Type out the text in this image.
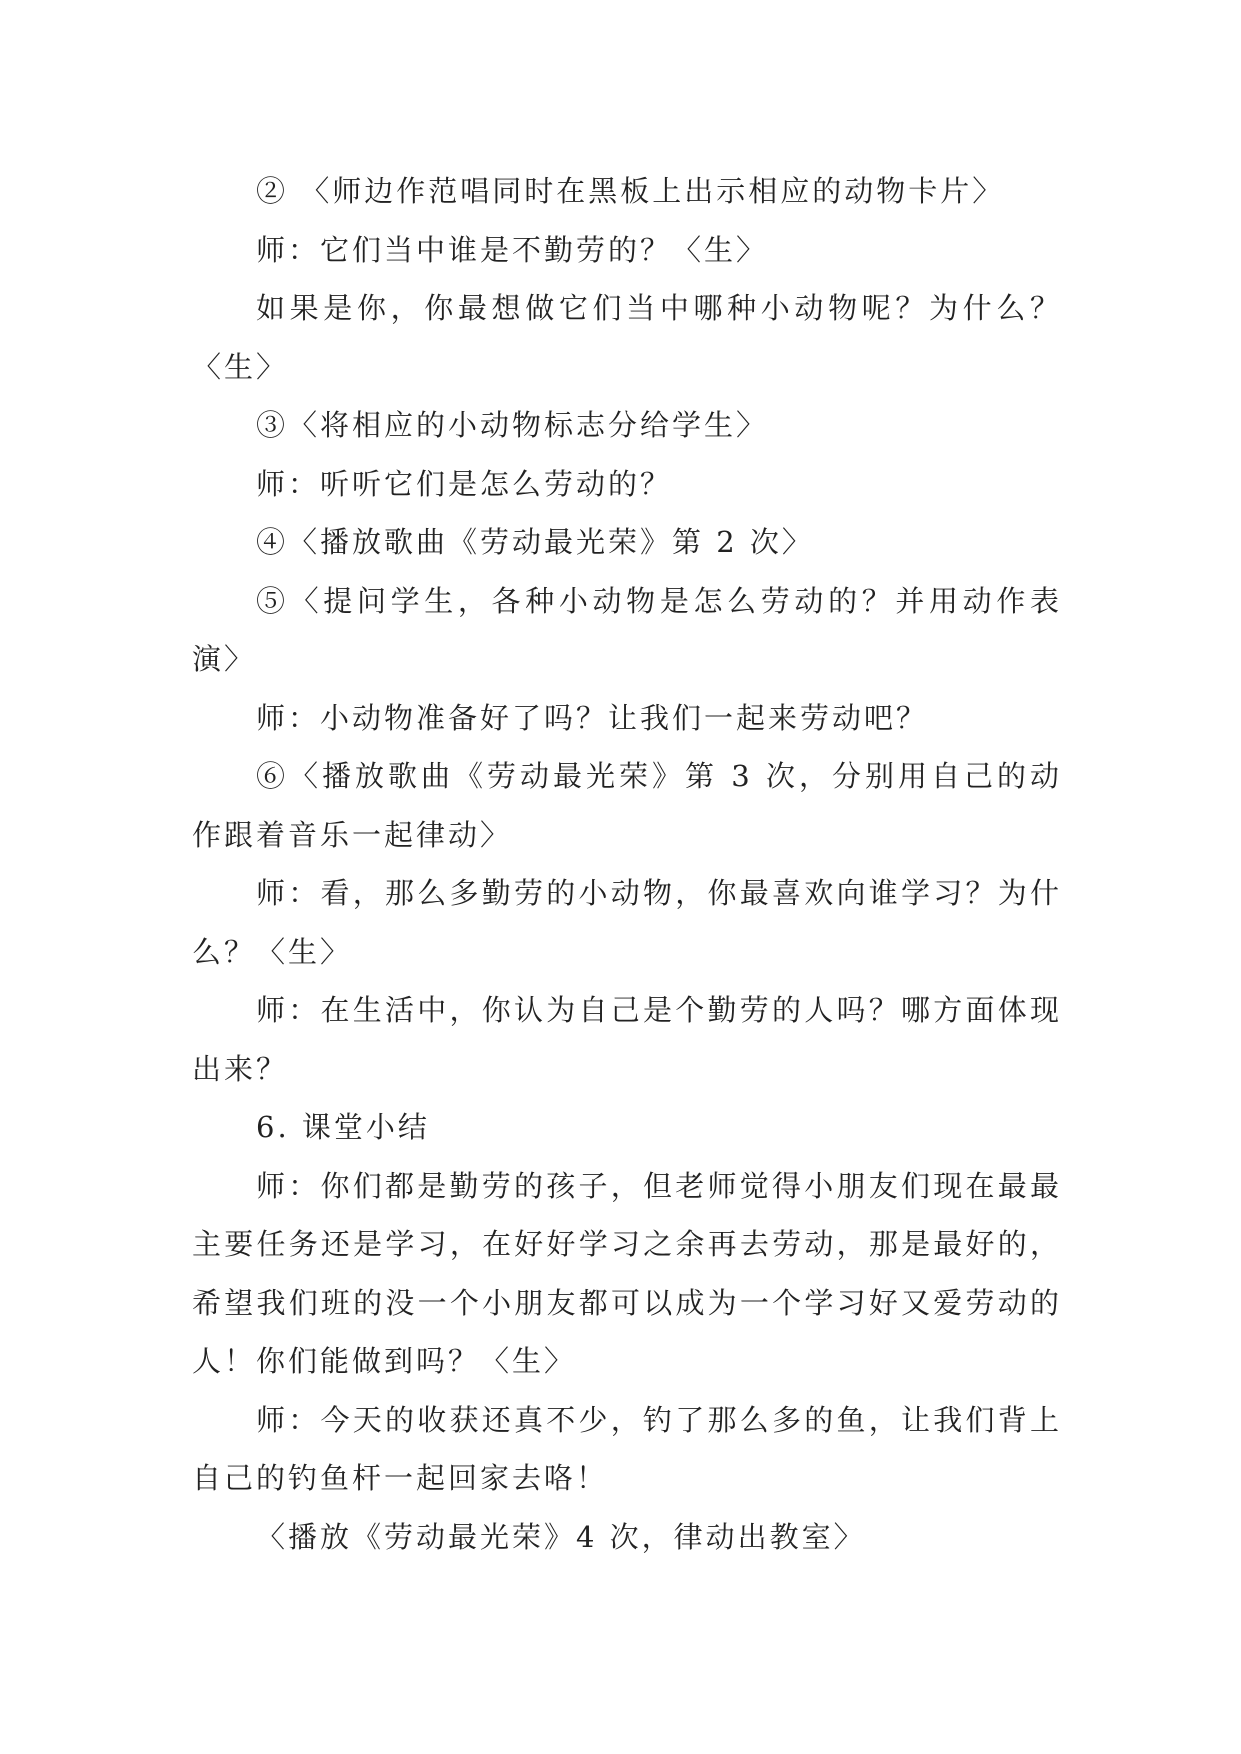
② 〈师边作范唱同时在黑板上出示相应的动物卡片〉

师：它们当中谁是不勤劳的？〈生〉

如果是你，你最想做它们当中哪种小动物呢？为什么？〈生〉

③〈将相应的小动物标志分给学生〉

师：听听它们是怎么劳动的？

④〈播放歌曲《劳动最光荣》第 2 次〉

⑤〈提问学生，各种小动物是怎么劳动的？并用动作表演〉

师：小动物准备好了吗？让我们一起来劳动吧？

⑥〈播放歌曲《劳动最光荣》第 3 次，分别用自己的动作跟着音乐一起律动〉

师：看，那么多勤劳的小动物，你最喜欢向谁学习？为什么？〈生〉

师：在生活中，你认为自己是个勤劳的人吗？哪方面体现出来？

6. 课堂小结

师：你们都是勤劳的孩子，但老师觉得小朋友们现在最最主要任务还是学习，在好好学习之余再去劳动，那是最好的，希望我们班的没一个小朋友都可以成为一个学习好又爱劳动的人！你们能做到吗？〈生〉

师：今天的收获还真不少，钓了那么多的鱼，让我们背上自己的钓鱼杆一起回家去咯！

〈播放《劳动最光荣》4 次，律动出教室〉
